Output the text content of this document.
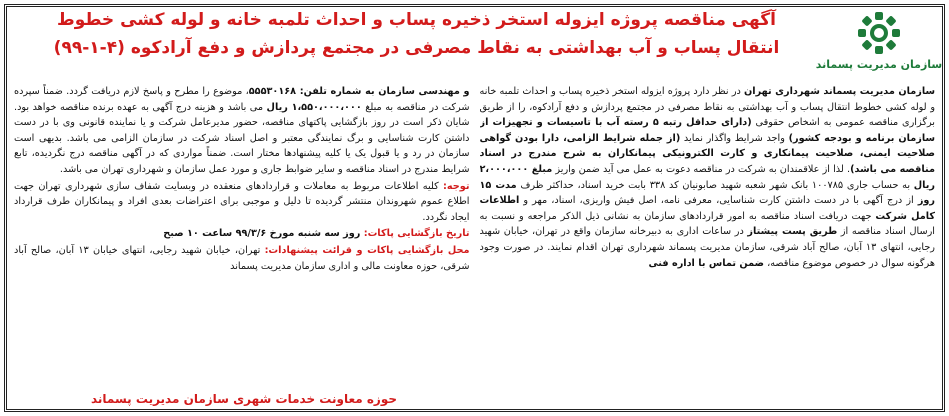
سازمان مدیریت پسماند
آگهی مناقصه پروژه ایزوله استخر ذخیره پساب و احداث تلمبه خانه و لوله کشی خطوط
انتقال پساب و آب بهداشتی به نقاط مصرفی در مجتمع پردازش و دفع آرادکوه (۴-۱-۹۹)

سازمان مدیریت پسماند شهرداری تهران در نظر دارد پروژه ایزوله استخر ذخیره پساب و احداث تلمبه خانه و لوله کشی خطوط انتقال پساب و آب بهداشتی به نقاط مصرفی در مجتمع پردازش و دفع آرادکوه، را از طریق برگزاری مناقصه عمومی به اشخاص حقوقی (دارای حداقل رتبه ۵ رسته آب با تاسیسات و تجهیزات از سازمان برنامه و بودجه کشور) واجد شرایط واگذار نماید (از جمله شرایط الزامی، دارا بودن گواهی صلاحیت ایمنی، صلاحیت پیمانکاری و کارت الکترونیکی پیمانکاران به شرح مندرج در اسناد مناقصه می باشد). لذا از علاقمندان به شرکت در مناقصه دعوت به عمل می آید ضمن واریز مبلغ ۲،۰۰۰،۰۰۰ ریال به حساب جاری ۱۰۰۷۸۵ بانک شهر شعبه شهید صابونیان کد ۳۳۸ بابت خرید اسناد، حداکثر ظرف مدت ۱۵ روز از درج آگهی با در دست داشتن کارت شناسایی، معرفی نامه، اصل فیش واریزی، اسناد، مهر و اطلاعات کامل شرکت جهت دریافت اسناد مناقصه به امور قراردادهای سازمان به نشانی ذیل الذکر مراجعه و نسبت به ارسال اسناد مناقصه از طریق پست پیشتاز در ساعات اداری به دبیرخانه سازمان واقع در تهران، خیابان شهید رجایی، انتهای ۱۳ آبان، صالح آباد شرقی، سازمان مدیریت پسماند شهرداری تهران اقدام نمایند. در صورت وجود هرگونه سوال در خصوص موضوع مناقصه، ضمن تماس با اداره فنی

و مهندسی سازمان به شماره تلفن: ۵۵۵۳۰۱۶۸، موضوع را مطرح و پاسخ لازم دریافت گردد. ضمناً سپرده شرکت در مناقصه به مبلغ ۱،۵۵۰،۰۰۰،۰۰۰ ریال می باشد و هزینه درج آگهی به عهده برنده مناقصه خواهد بود. شایان ذکر است در روز بازگشایی پاکتهای مناقصه، حضور مدیرعامل شرکت و یا نماینده قانونی وی با در دست داشتن کارت شناسایی و برگ نمایندگی معتبر و اصل اسناد شرکت در سازمان الزامی می باشد. بدیهی است سازمان در رد و یا قبول یک یا کلیه پیشنهادها مختار است. ضمناً مواردی که در آگهی مناقصه درج نگردیده، تابع شرایط مندرج در اسناد مناقصه و سایر ضوابط جاری و مورد عمل سازمان و شهرداری تهران می باشد.

توجه: کلیه اطلاعات مربوط به معاملات و قراردادهای منعقده در وبسایت شفاف سازی شهرداری تهران جهت اطلاع عموم شهروندان منتشر گردیده تا دلیل و موجبی برای اعتراضات بعدی افراد و پیمانکاران طرف قرارداد ایجاد نگردد.

تاریخ بازگشایی پاکات: روز سه شنبه مورخ ۹۹/۳/۶ ساعت ۱۰ صبح

محل بازگشایی پاکات و قرائت پیشنهادات: تهران، خیابان شهید رجایی، انتهای خیابان ۱۳ آبان، صالح آباد شرقی، حوزه معاونت مالی و اداری سازمان مدیریت پسماند

حوزه معاونت خدمات شهری سازمان مدیریت پسماند
